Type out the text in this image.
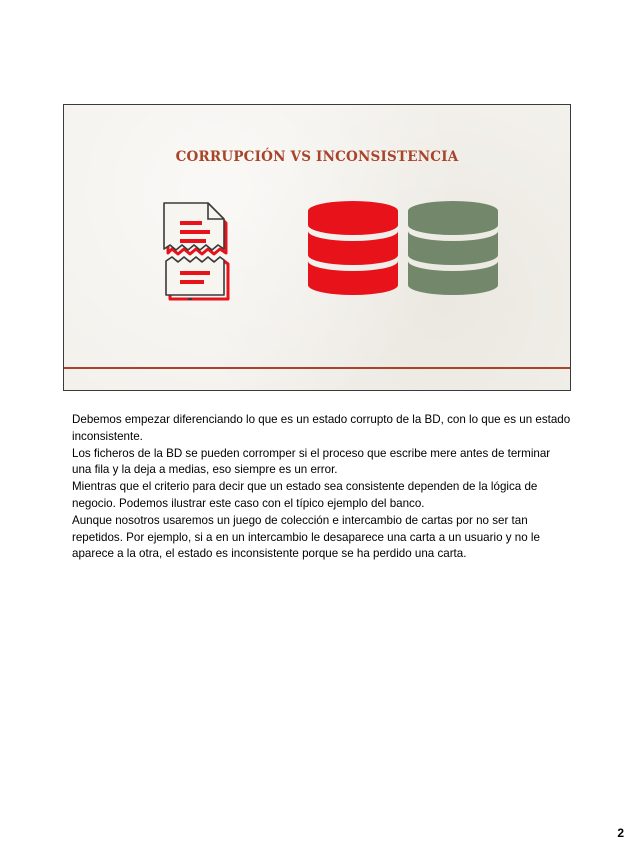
CORRUPCIÓN VS INCONSISTENCIA

Debemos empezar diferenciando lo que es un estado corrupto de la BD, con lo que es un estado inconsistente.

Los ficheros de la BD se pueden corromper si el proceso que escribe mere antes de terminar una fila y la deja a medias, eso siempre es un error.

Mientras que el criterio para decir que un estado sea consistente dependen de la lógica de negocio. Podemos ilustrar este caso con el típico ejemplo del banco.

Aunque nosotros usaremos un juego de colección e intercambio de cartas por no ser tan repetidos. Por ejemplo, si a en un intercambio le desaparece una carta a un usuario y no le aparece a la otra, el estado es inconsistente porque se ha perdido una carta.

2
